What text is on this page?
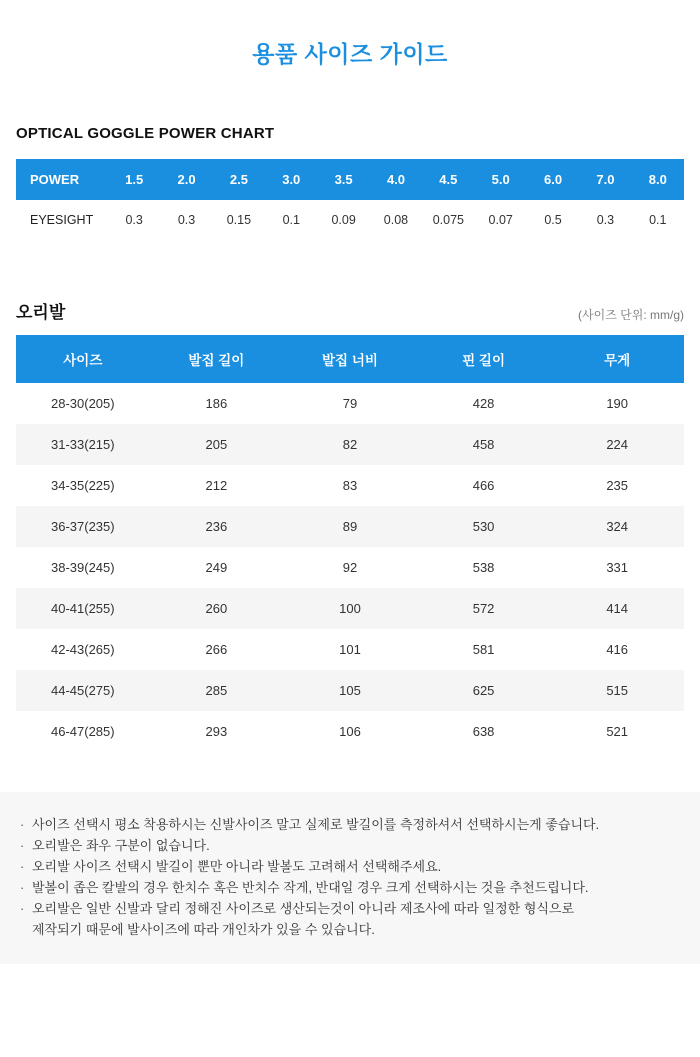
용품 사이즈 가이드
OPTICAL GOGGLE POWER CHART
POWER	1.5	2.0	2.5	3.0	3.5	4.0	4.5	5.0	6.0	7.0	8.0
EYESIGHT	0.3	0.3	0.15	0.1	0.09	0.08	0.075	0.07	0.5	0.3	0.1
오리발	(사이즈 단위: mm/g)
사이즈	발집 길이	발집 너비	핀 길이	무게
28-30(205)	186	79	428	190
31-33(215)	205	82	458	224
34-35(225)	212	83	466	235
36-37(235)	236	89	530	324
38-39(245)	249	92	538	331
40-41(255)	260	100	572	414
42-43(265)	266	101	581	416
44-45(275)	285	105	625	515
46-47(285)	293	106	638	521
· 사이즈 선택시 평소 착용하시는 신발사이즈 말고 실제로 발길이를 측정하셔서 선택하시는게 좋습니다.
· 오리발은 좌우 구분이 없습니다.
· 오리발 사이즈 선택시 발길이 뿐만 아니라 발볼도 고려해서 선택해주세요.
· 발볼이 좁은 칼발의 경우 한치수 혹은 반치수 작게, 반대일 경우 크게 선택하시는 것을 추천드립니다.
· 오리발은 일반 신발과 달리 정해진 사이즈로 생산되는것이 아니라 제조사에 따라 일정한 형식으로
제작되기 때문에 발사이즈에 따라 개인차가 있을 수 있습니다.
